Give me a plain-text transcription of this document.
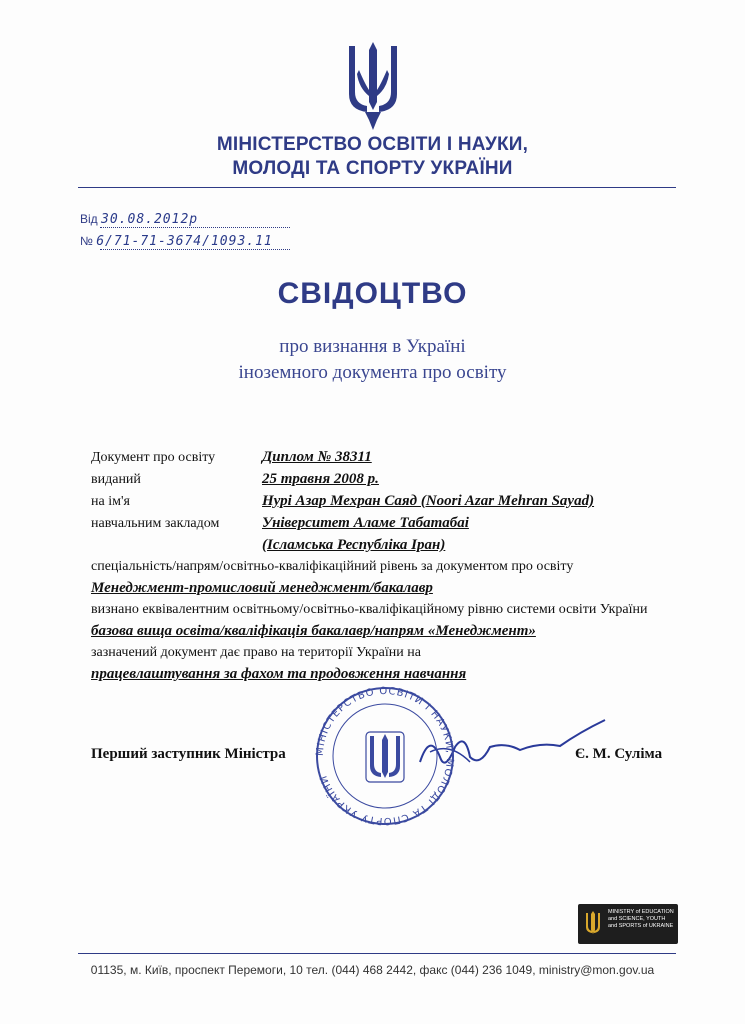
МІНІСТЕРСТВО ОСВІТИ І НАУКИ,
МОЛОДІ ТА СПОРТУ УКРАЇНИ
Від 30.08.2012р
№ 6/71-71-3674/1093.11
СВІДОЦТВО
про визнання в Україні
іноземного документа про освіту
Документ про освіту	Диплом № 38311
виданий	25 травня 2008 р.
на ім'я	Нурі Азар Мехран Саяд (Noori Azar Mehran Sayad)
навчальним закладом	Університет Аламе Табатабаі
(Ісламська Республіка Іран)
спеціальність/напрям/освітньо-кваліфікаційний рівень за документом про освіту
Менеджмент-промисловий менеджмент/бакалавр
визнано еквівалентним освітньому/освітньо-кваліфікаційному рівню системи освіти України
базова вища освіта/кваліфікація бакалавр/напрям «Менеджмент»
зазначений документ дає право на території України на
працевлаштування за фахом та продовження навчання
Перший заступник Міністра	Є. М. Суліма
МІНІСТЕРСТВО ОСВІТИ І НАУКИ, МОЛОДІ ТА СПОРТУ УКРАЇНИ
MINISTRY of EDUCATION
and SCIENCE, YOUTH
and SPORTS of UKRAINE
01135, м. Київ, проспект Перемоги, 10 тел. (044) 468 2442, факс (044) 236 1049, ministry@mon.gov.ua
